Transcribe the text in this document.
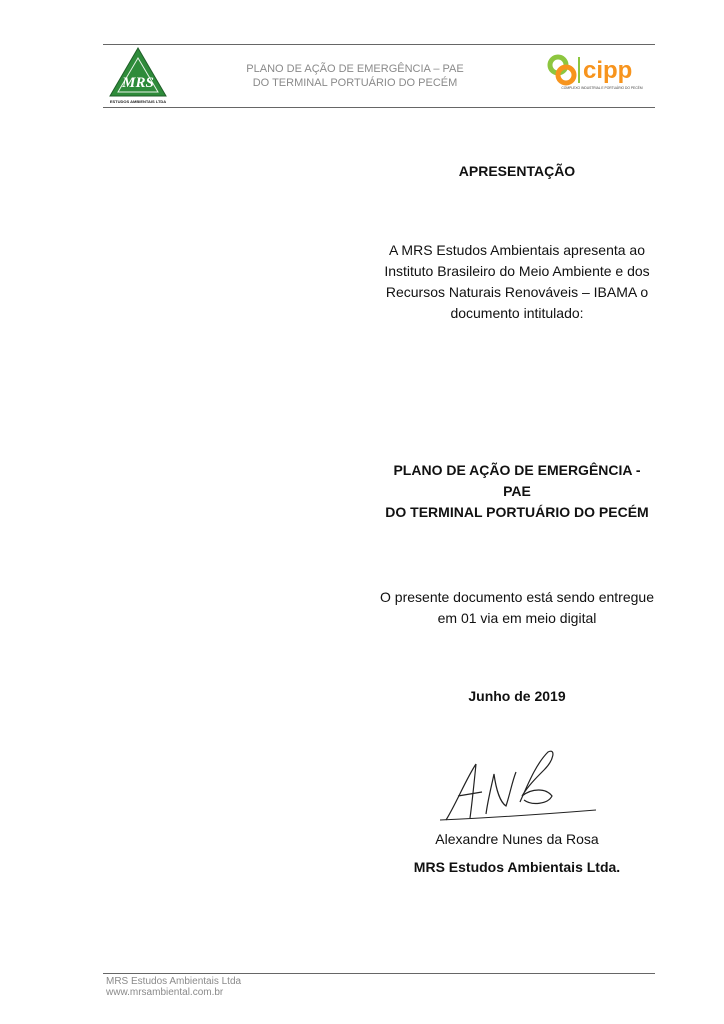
MRS
ESTUDOS AMBIENTAIS LTDA
PLANO DE AÇÃO DE EMERGÊNCIA – PAE
DO TERMINAL PORTUÁRIO DO PECÉM	cipp
COMPLEXO INDUSTRIAL E PORTUÁRIO DO PECÉM
APRESENTAÇÃO
A MRS Estudos Ambientais apresenta ao
Instituto Brasileiro do Meio Ambiente e dos
Recursos Naturais Renováveis – IBAMA o
documento intitulado:
PLANO DE AÇÃO DE EMERGÊNCIA - PAE
DO TERMINAL PORTUÁRIO DO PECÉM
O presente documento está sendo entregue
em 01 via em meio digital
Junho de 2019
Alexandre Nunes da Rosa
MRS Estudos Ambientais Ltda.
MRS Estudos Ambientais Ltda
www.mrsambiental.com.br
